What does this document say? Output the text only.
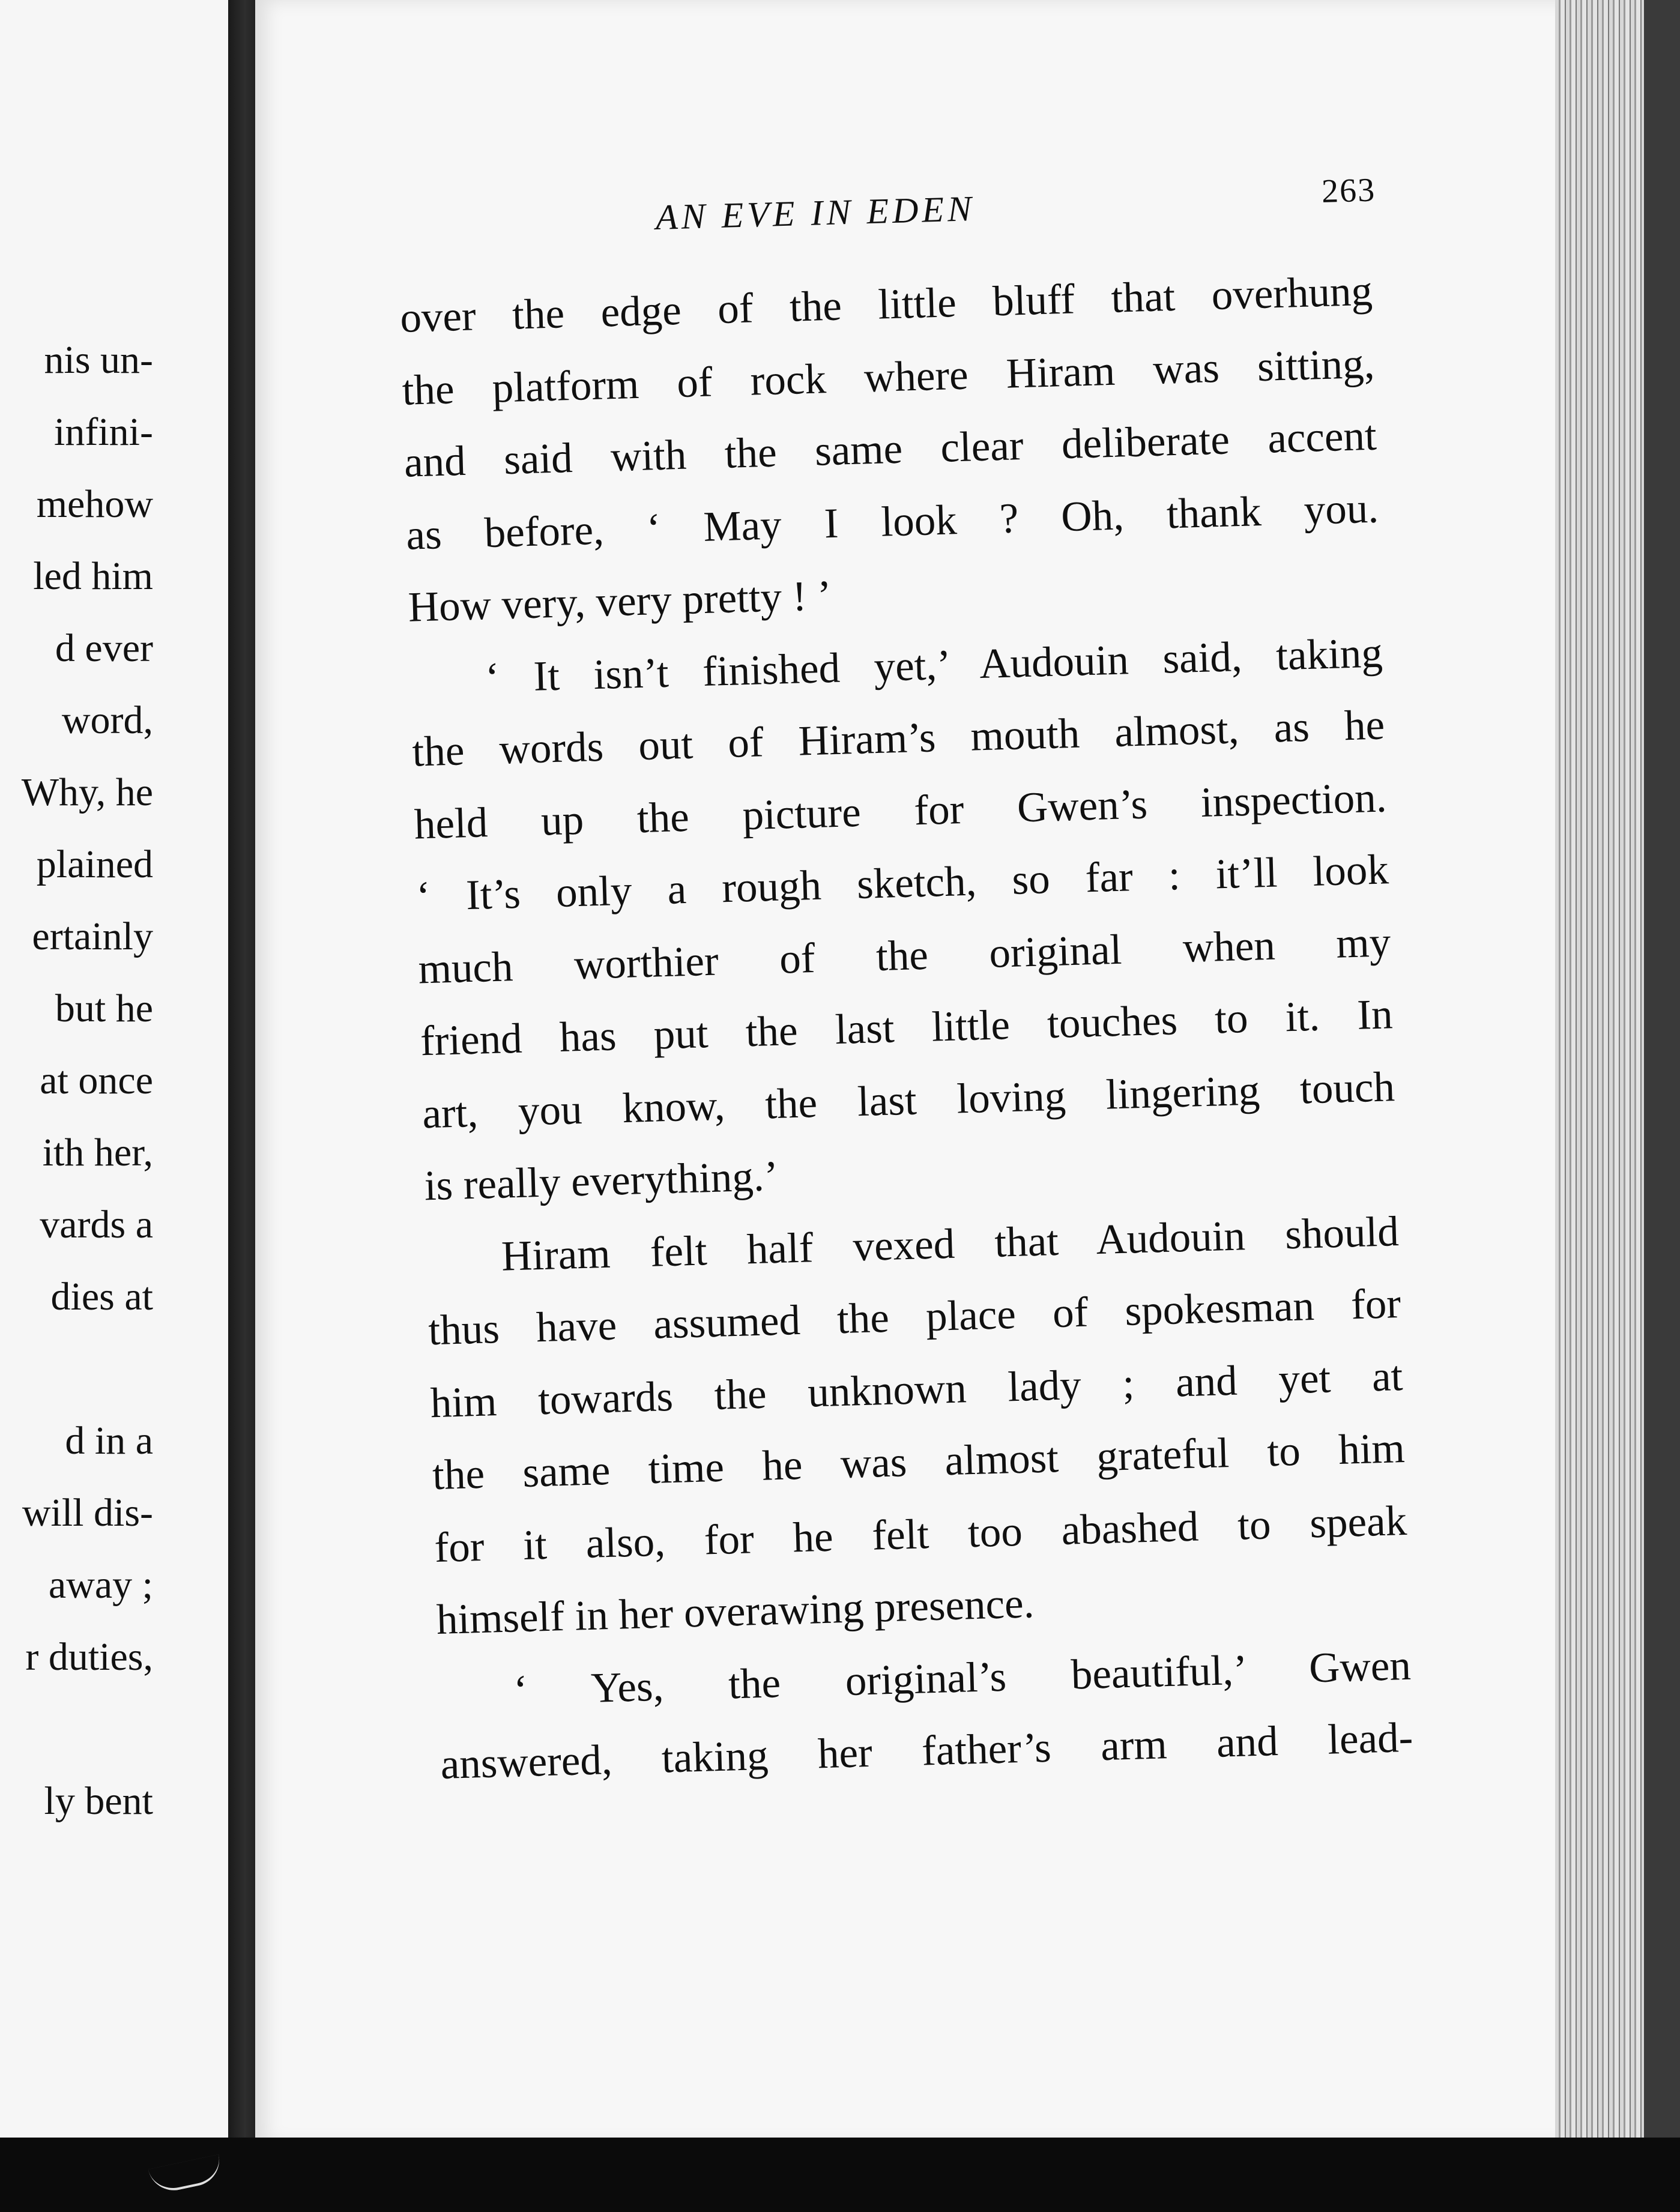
nis un-
infini-
mehow
led him
d ever
word,
Why, he
plained
ertainly
but he
at once
ith her,
vards a
dies at
d in a
will dis-
away ;
r duties,
ly bent
AN EVE IN EDEN	263
over the edge of the little bluff that overhung
the platform of rock where Hiram was sitting,
and said with the same clear deliberate accent
as before, ‘ May I look ? Oh, thank you.
How very, very pretty ! ’
‘ It isn’t finished yet,’ Audouin said, taking
the words out of Hiram’s mouth almost, as he
held up the picture for Gwen’s inspection.
‘ It’s only a rough sketch, so far : it’ll look
much worthier of the original when my
friend has put the last little touches to it. In
art, you know, the last loving lingering touch
is really everything.’
Hiram felt half vexed that Audouin should
thus have assumed the place of spokesman for
him towards the unknown lady ; and yet at
the same time he was almost grateful to him
for it also, for he felt too abashed to speak
himself in her overawing presence.
‘ Yes, the original’s beautiful,’ Gwen
answered, taking her father’s arm and lead-
